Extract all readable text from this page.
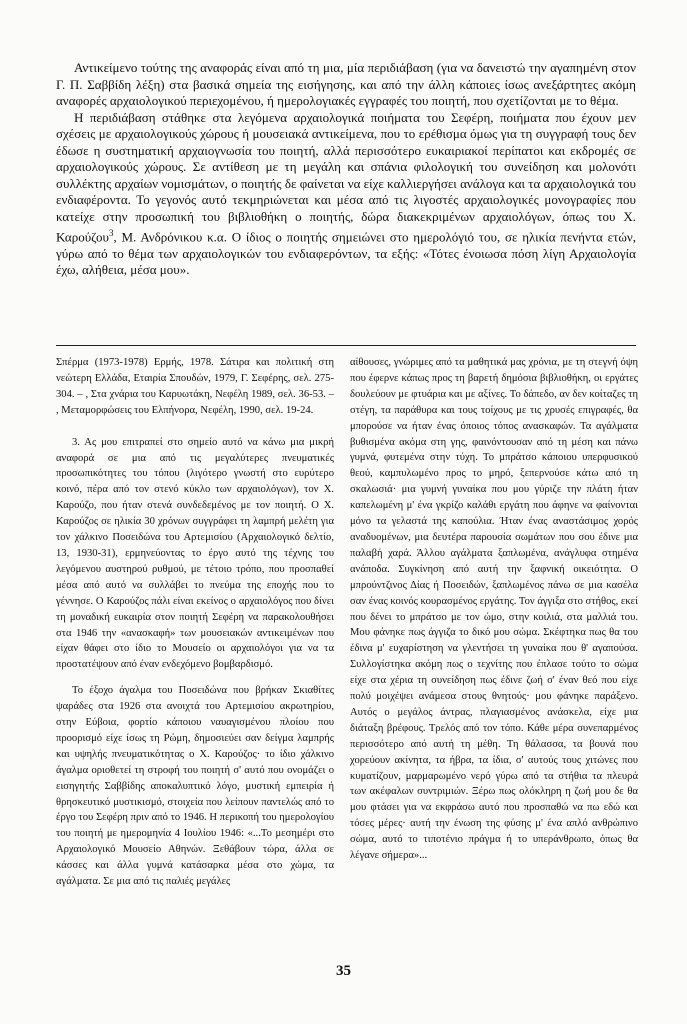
Αντικείμενο τούτης της αναφοράς είναι από τη μια, μία περιδιάβαση (για να δανειστώ την αγαπημένη στον Γ. Π. Σαββίδη λέξη) στα βασικά σημεία της εισήγησης, και από την άλλη κάποιες ίσως ανεξάρτητες ακόμη αναφορές αρχαιολογικού περιεχομένου, ή ημερολογιακές εγγραφές του ποιητή, που σχετίζονται με το θέμα.

Η περιδιάβαση στάθηκε στα λεγόμενα αρχαιολογικά ποιήματα του Σεφέρη, ποιήματα που έχουν μεν σχέσεις με αρχαιολογικούς χώρους ή μουσειακά αντικείμενα, που το ερέθισμα όμως για τη συγγραφή τους δεν έδωσε η συστηματική αρχαιογνωσία του ποιητή, αλλά περισσότερο ευκαιριακοί περίπατοι και εκδρομές σε αρχαιολογικούς χώρους. Σε αντίθεση με τη μεγάλη και σπάνια φιλολογική του συνείδηση και μολονότι συλλέκτης αρχαίων νομισμάτων, ο ποιητής δε φαίνεται να είχε καλλιεργήσει ανάλογα και τα αρχαιολογικά του ενδιαφέροντα. Το γεγονός αυτό τεκμηριώνεται και μέσα από τις λιγοστές αρχαιολογικές μονογραφίες που κατείχε στην προσωπική του βιβλιοθήκη ο ποιητής, δώρα διακεκριμένων αρχαιολόγων, όπως του Χ. Καρούζου$^3$, Μ. Ανδρόνικου κ.α. Ο ίδιος ο ποιητής σημειώνει στο ημερολόγιό του, σε ηλικία πενήντα ετών, γύρω από το θέμα των αρχαιολογικών του ενδιαφερόντων, τα εξής: «Τότες ένοιωσα πόση λίγη Αρχαιολογία έχω, αλήθεια, μέσα μου».

Σπέρμα (1973-1978) Ερμής, 1978. Σάτιρα και πολιτική στη νεώτερη Ελλάδα, Εταιρία Σπουδών, 1979, Γ. Σεφέρης, σελ. 275-304. – , Στα χνάρια του Καρυωτάκη, Νεφέλη 1989, σελ. 36-53. – , Μεταμορφώσεις του Ελπήνορα, Νεφέλη, 1990, σελ. 19-24.

3. Ας μου επιτραπεί στο σημείο αυτό να κάνω μια μικρή αναφορά σε μια από τις μεγαλύτερες πνευματικές προσωπικότητες του τόπου (λιγότερο γνωστή στο ευρύτερο κοινό, πέρα από τον στενό κύκλο των αρχαιολόγων), τον Χ. Καρούζο, που ήταν στενά συνδεδεμένος με τον ποιητή. Ο Χ. Καρούζος σε ηλικία 30 χρόνων συγγράφει τη λαμπρή μελέτη για τον χάλκινο Ποσειδώνα του Αρτεμισίου (Αρχαιολογικό δελτίο, 13, 1930-31), ερμηνεύοντας το έργο αυτό της τέχνης του λεγόμενου αυστηρού ρυθμού, με τέτοιο τρόπο, που προσπαθεί μέσα από αυτό να συλλάβει το πνεύμα της εποχής που το γέννησε. Ο Καρούζος πάλι είναι εκείνος ο αρχαιολόγος που δίνει τη μοναδική ευκαιρία στον ποιητή Σεφέρη να παρακολουθήσει στα 1946 την «ανασκαφή» των μουσειακών αντικειμένων που είχαν θάφει στο ίδιο το Μουσείο οι αρχαιολόγοι για να τα προστατέψουν από έναν ενδεχόμενο βομβαρδισμό.

Το έξοχο άγαλμα του Ποσειδώνα που βρήκαν Σκιαθίτες ψαράδες στα 1926 στα ανοιχτά του Αρτεμισίου ακρωτηρίου, στην Εύβοια, φορτίο κάποιου ναυαγισμένου πλοίου που προορισμό είχε ίσως τη Ρώμη, δημοσιεύει σαν δείγμα λαμπρής και υψηλής πνευματικότητας ο Χ. Καρούζος· το ίδιο χάλκινο άγαλμα οριοθετεί τη στροφή του ποιητή σ' αυτό που ονομάζει ο εισηγητής Σαββίδης αποκαλυπτικό λόγο, μυστική εμπειρία ή θρησκευτικό μυστικισμό, στοιχεία που λείπουν παντελώς από το έργο του Σεφέρη πριν από το 1946. Η περικοπή του ημερολογίου του ποιητή με ημερομηνία 4 Ιουλίου 1946: «...Το μεσημέρι στο Αρχαιολογικό Μουσείο Αθηνών. Ξεθάβουν τώρα, άλλα σε κάσσες και άλλα γυμνά κατάσαρκα μέσα στο χώμα, τα αγάλματα. Σε μια από τις παλιές μεγάλες

αίθουσες, γνώριμες από τα μαθητικά μας χρόνια, με τη στεγνή όψη που έφερνε κάπως προς τη βαρετή δημόσια βιβλιοθήκη, οι εργάτες δουλεύουν με φτυάρια και με αξίνες. Το δάπεδο, αν δεν κοίταζες τη στέγη, τα παράθυρα και τους τοίχους με τις χρυσές επιγραφές, θα μπορούσε να ήταν ένας όποιος τόπος ανασκαφών. Τα αγάλματα βυθισμένα ακόμα στη γης, φαινόντουσαν από τη μέση και πάνω γυμνά, φυτεμένα στην τύχη. Το μπράτσο κάποιου υπερφυσικού θεού, καμπυλωμένο προς το μηρό, ξεπερνούσε κάτω από τη σκαλωσιά· μια γυμνή γυναίκα που μου γύριζε την πλάτη ήταν καπελωμένη μ' ένα γκρίζο καλάθι εργάτη που άφηνε να φαίνονται μόνο τα γελαστά της καπούλια. Ήταν ένας αναστάσιμος χορός αναδυομένων, μια δευτέρα παρουσία σωμάτων που σου έδινε μια παλαβή χαρά. Άλλου αγάλματα ξαπλωμένα, ανάγλυφα στημένα ανάποδα. Συγκίνηση από αυτή την ξαφνική οικειότητα. Ο μπρούντζινος Δίας ή Ποσειδών, ξαπλωμένος πάνω σε μια κασέλα σαν ένας κοινός κουρασμένος εργάτης. Τον άγγιξα στο στήθος, εκεί που δένει το μπράτσο με τον ώμο, στην κοιλιά, στα μαλλιά του. Μου φάνηκε πως άγγιζα το δικό μου σώμα. Σκέφτηκα πως θα του έδινα μ' ευχαρίστηση να γλεντήσει τη γυναίκα που θ' αγαπούσα. Συλλογίστηκα ακόμη πως ο τεχνίτης που έπλασε τούτο το σώμα είχε στα χέρια τη συνείδηση πως έδινε ζωή σ' έναν θεό που είχε πολύ μοιχέψει ανάμεσα στους θνητούς· μου φάνηκε παράξενο. Αυτός ο μεγάλος άντρας, πλαγιασμένος ανάσκελα, είχε μια διάταξη βρέφους. Τρελός από τον τόπο. Κάθε μέρα συνεπαρμένος περισσότερο από αυτή τη μέθη. Τη θάλασσα, τα βουνά που χορεύουν ακίνητα, τα ήβρα, τα ίδια, σ' αυτούς τους χιτώνες που κυματίζουν, μαρμαρωμένο νερό γύρω από τα στήθια τα πλευρά των ακέφαλων συντριμιών. Ξέρω πως ολόκληρη η ζωή μου δε θα μου φτάσει για να εκφράσω αυτό που προσπαθώ να πω εδώ και τόσες μέρες· αυτή την ένωση της φύσης μ' ένα απλό ανθρώπινο σώμα, αυτό το τιποτένιο πράγμα ή το υπεράνθρωπο, όπως θα λέγανε σήμερα»...

35
